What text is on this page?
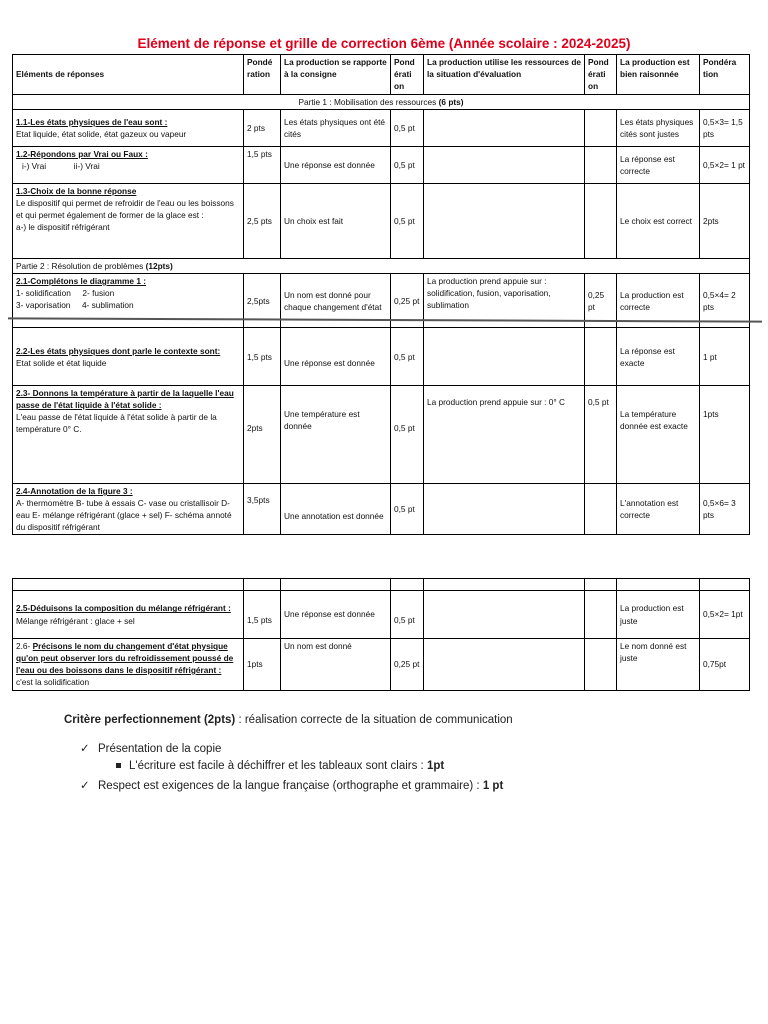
Elément de réponse et grille de correction 6ème (Année scolaire : 2024-2025)
Eléments de réponses	Pondé ration	La production se rapporte à la consigne	Pond érati on	La production utilise les ressources de la situation d'évaluation	Pond érati on	La production est bien raisonnée	Pondéra tion
Partie 1 : Mobilisation des ressources (6 pts)							

1.1-Les états physiques de l'eau sont :
Etat liquide, état solide, état gazeux ou vapeur	2 pts	Les états physiques ont été cités	0,5 pt			Les états physiques cités sont justes	0,5×3= 1,5 pts

1.2-Répondons par Vrai ou Faux :
i-) Vrai            ii-) Vrai	1,5 pts	Une réponse est donnée	0,5 pt			La réponse est correcte	0,5×2= 1 pt

1.3-Choix de la bonne réponse
Le dispositif qui permet de refroidir de l'eau ou les boissons et qui permet également de former de la glace est :
a-) le dispositif réfrigérant	2,5 pts	Un choix est fait	0,5 pt			Le choix est correct	2pts
Partie 2 : Résolution de problèmes (12pts)							

2.1-Complétons le diagramme 1 :
1- solidification     2- fusion
3- vaporisation     4- sublimation	2,5pts	Un nom est donné pour chaque changement d'état	0,25 pt	La production prend appuie sur : solidification, fusion, vaporisation, sublimation	0,25 pt	La production est correcte	0,5×4= 2 pts

2.2-Les états physiques dont parle le contexte sont:
Etat solide et état liquide	1,5 pts	Une réponse est donnée	0,5 pt			La réponse est exacte	1 pt

2.3- Donnons la température à partir de la laquelle l'eau passe de l'état liquide à l'état solide :
L'eau passe de l'état liquide à l'état solide à partir de la température 0° C.	2pts	Une température est donnée	0,5 pt	La production prend appuie sur : 0° C	0,5 pt	La température donnée est exacte	1pts

2.4-Annotation de la figure 3 :
A- thermomètre B- tube à essais C- vase ou cristallisoir D- eau E- mélange réfrigérant (glace + sel) F- schéma annoté du dispositif réfrigérant	3,5pts	Une annotation est donnée	0,5 pt			L'annotation est correcte	0,5×6= 3 pts

2.5-Déduisons la composition du mélange réfrigérant :
Mélange réfrigérant : glace + sel	1,5 pts	Une réponse est donnée	0,5 pt			La production est juste	0,5×2= 1pt
2.6- Précisons le nom du changement d'état physique qu'on peut observer lors du refroidissement poussé de l'eau ou des boissons dans le dispositif réfrigérant : c'est la solidification	1pts	Un nom est donné	0,25 pt			Le nom donné est juste	0,75pt
Critère perfectionnement (2pts) : réalisation correcte de la situation de communication
✓ Présentation de la copie
L'écriture est facile à déchiffrer et les tableaux sont clairs : 1pt
✓ Respect est exigences de la langue française (orthographe et grammaire) : 1 pt
